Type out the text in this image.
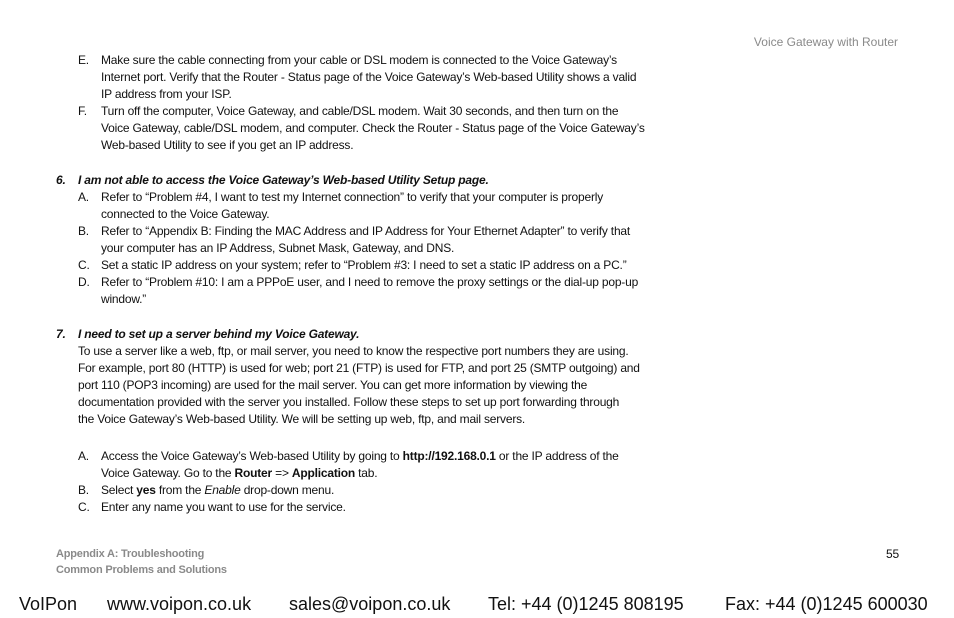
Voice Gateway with Router
E. Make sure the cable connecting from your cable or DSL modem is connected to the Voice Gateway’s
Internet port. Verify that the Router - Status page of the Voice Gateway’s Web-based Utility shows a valid
IP address from your ISP.
F. Turn off the computer, Voice Gateway, and cable/DSL modem. Wait 30 seconds, and then turn on the
Voice Gateway, cable/DSL modem, and computer. Check the Router - Status page of the Voice Gateway’s
Web-based Utility to see if you get an IP address.
6. I am not able to access the Voice Gateway’s Web-based Utility Setup page.
A. Refer to “Problem #4, I want to test my Internet connection” to verify that your computer is properly
connected to the Voice Gateway.
B. Refer to “Appendix B: Finding the MAC Address and IP Address for Your Ethernet Adapter” to verify that
your computer has an IP Address, Subnet Mask, Gateway, and DNS.
C. Set a static IP address on your system; refer to “Problem #3: I need to set a static IP address on a PC.”
D. Refer to “Problem #10: I am a PPPoE user, and I need to remove the proxy settings or the dial-up pop-up
window.”
7. I need to set up a server behind my Voice Gateway.
To use a server like a web, ftp, or mail server, you need to know the respective port numbers they are using.
For example, port 80 (HTTP) is used for web; port 21 (FTP) is used for FTP, and port 25 (SMTP outgoing) and
port 110 (POP3 incoming) are used for the mail server. You can get more information by viewing the
documentation provided with the server you installed. Follow these steps to set up port forwarding through
the Voice Gateway’s Web-based Utility. We will be setting up web, ftp, and mail servers.
A. Access the Voice Gateway’s Web-based Utility by going to http://192.168.0.1 or the IP address of the
Voice Gateway. Go to the Router => Application tab.
B. Select yes from the Enable drop-down menu.
C. Enter any name you want to use for the service.
Appendix A: Troubleshooting
Common Problems and Solutions
55
VoIPon www.voipon.co.uk sales@voipon.co.uk Tel: +44 (0)1245 808195 Fax: +44 (0)1245 600030
